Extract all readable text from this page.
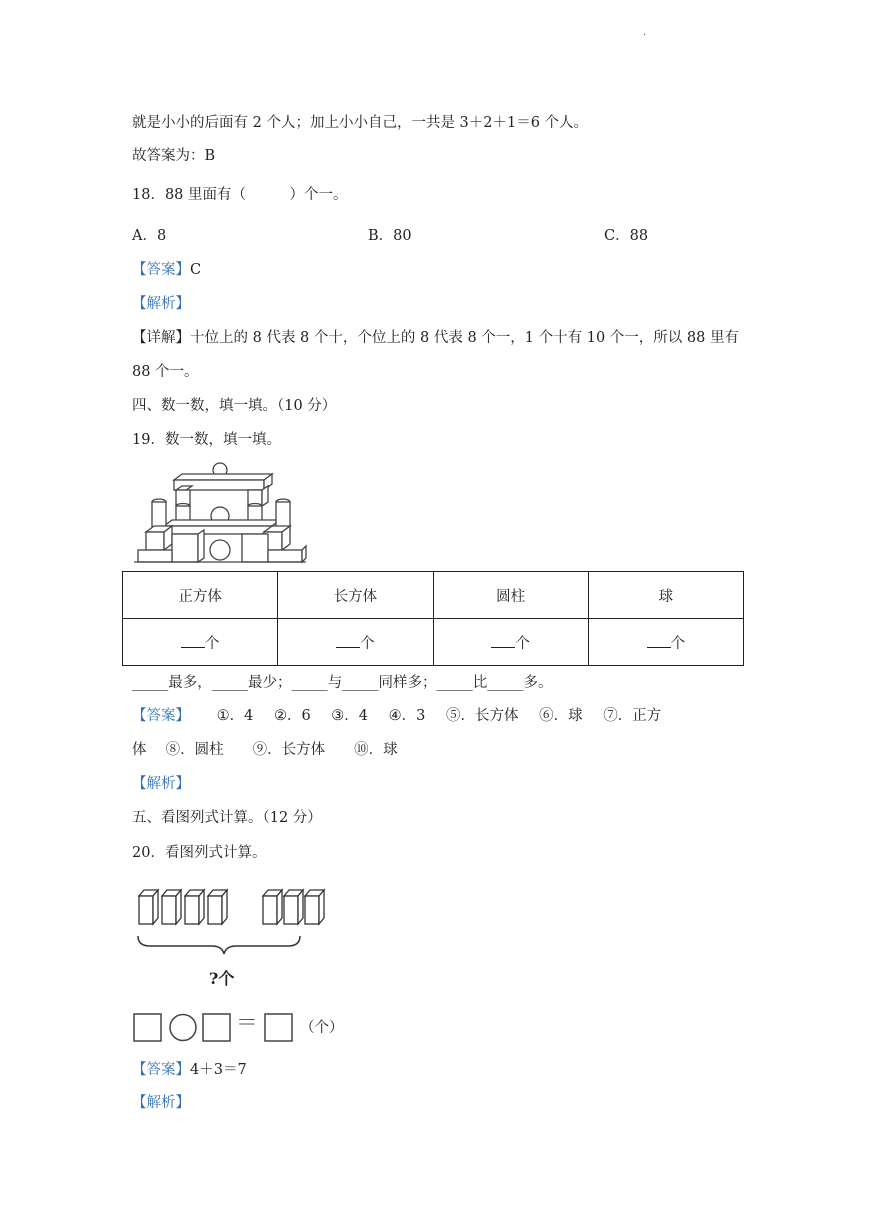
·
就是小小的后面有 2 个人；加上小小自己，一共是 3＋2＋1＝6 个人。
故答案为：B
18．88 里面有（　　　）个一。
A．8	B．80	C．88
【答案】C
【解析】
【详解】十位上的 8 代表 8 个十，个位上的 8 代表 8 个一，1 个十有 10 个一，所以 88 里有
88 个一。
四、数一数，填一填。（10 分）
19．数一数，填一填。
正方体	长方体	圆柱	球
个	个	个	个
_____最多，_____最少；_____与_____同样多；_____比_____多。
【答案】 ①．4 ②．6 ③．4 ④．3 ⑤．长方体 ⑥．球 ⑦．正方
体　 ⑧．圆柱　　⑨．长方体　　⑩．球
【解析】
五、看图列式计算。（12 分）
20．看图列式计算。
?个
＝	（个）
【答案】4＋3＝7
【解析】
